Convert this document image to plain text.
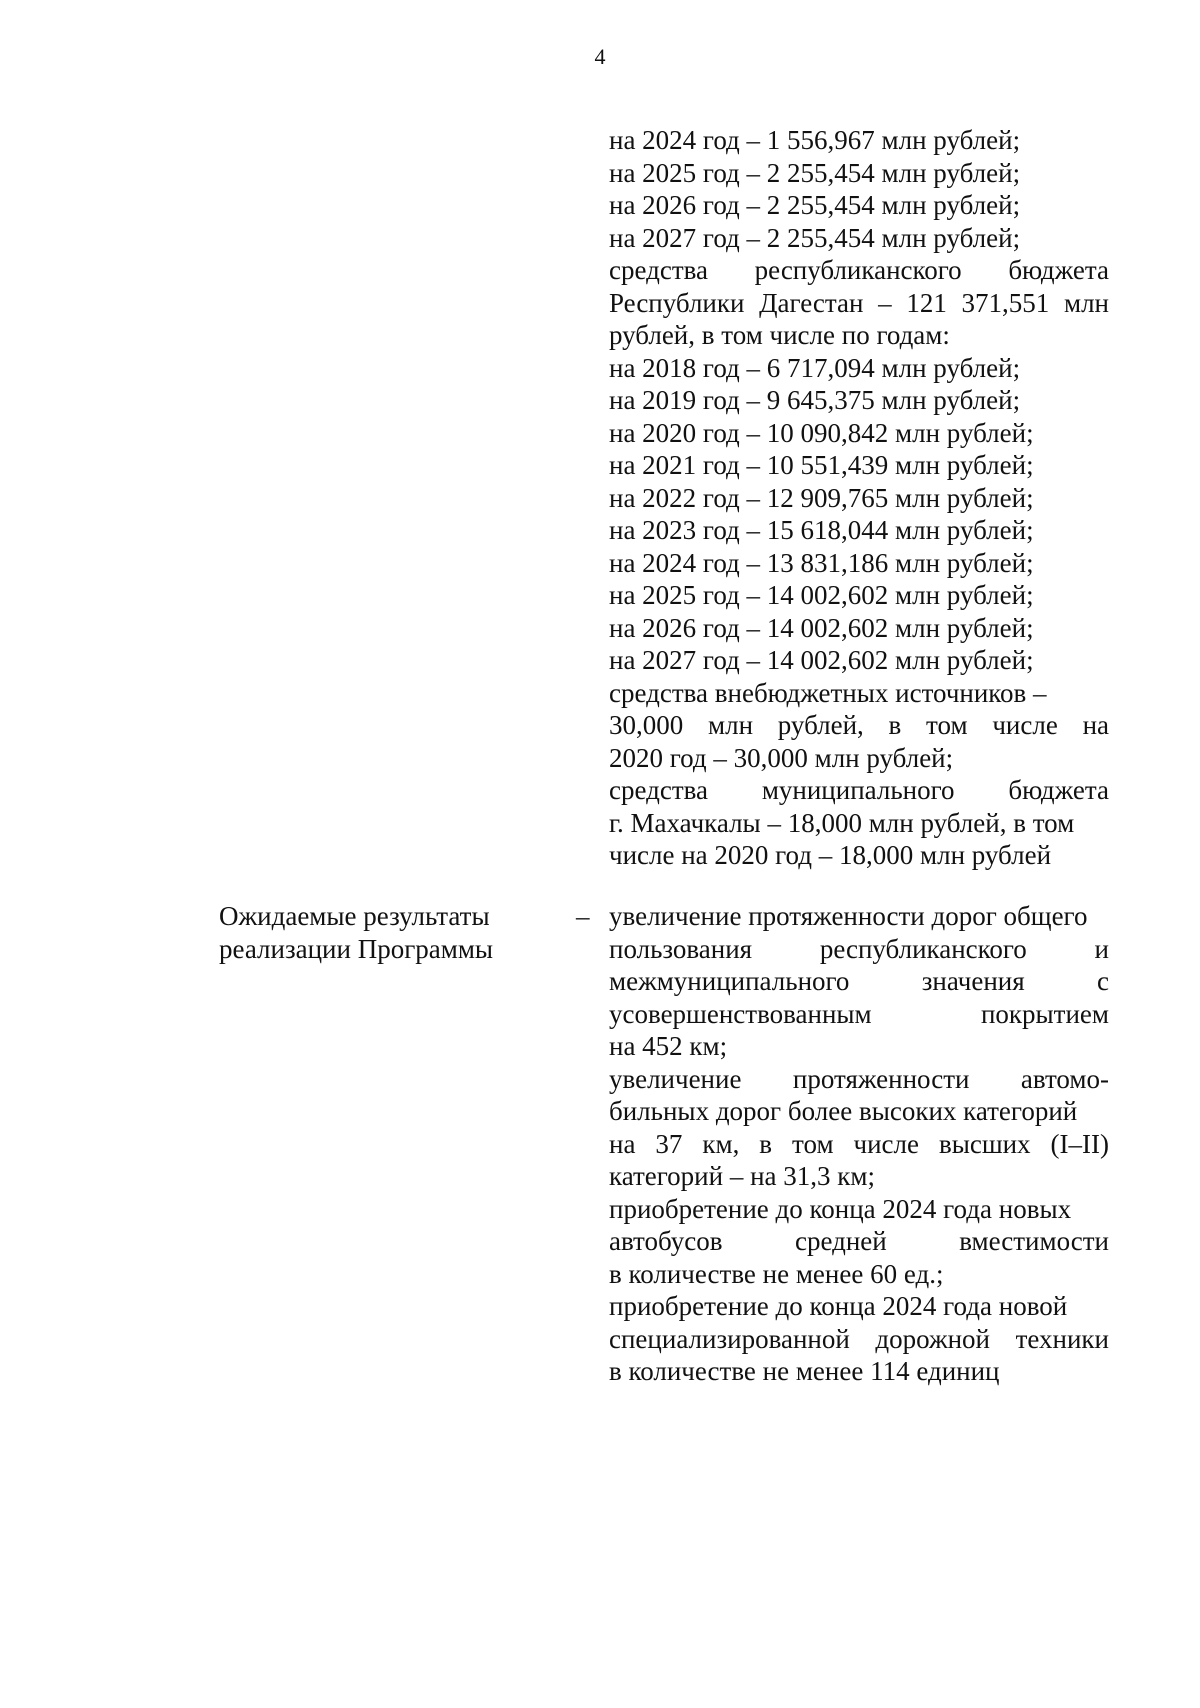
4
на 2024 год – 1 556,967 млн рублей;
на 2025 год – 2 255,454 млн рублей;
на 2026 год – 2 255,454 млн рублей;
на 2027 год – 2 255,454 млн рублей;
средства республиканского бюджета
Республики Дагестан – 121 371,551 млн
рублей, в том числе по годам:
на 2018 год – 6 717,094 млн рублей;
на 2019 год – 9 645,375 млн рублей;
на 2020 год – 10 090,842 млн рублей;
на 2021 год – 10 551,439 млн рублей;
на 2022 год – 12 909,765 млн рублей;
на 2023 год – 15 618,044 млн рублей;
на 2024 год – 13 831,186 млн рублей;
на 2025 год – 14 002,602 млн рублей;
на 2026 год – 14 002,602 млн рублей;
на 2027 год – 14 002,602 млн рублей;
средства внебюджетных источников –
30,000 млн рублей, в том числе на
2020 год – 30,000 млн рублей;
средства муниципального бюджета
г. Махачкалы – 18,000 млн рублей, в том
числе на 2020 год – 18,000 млн рублей
Ожидаемые результаты
реализации Программы
– увеличение протяженности дорог общего
пользования республиканского и
межмуниципального значения с
усовершенствованным покрытием
на 452 км;
увеличение протяженности автомо-
бильных дорог более высоких категорий
на 37 км, в том числе высших (I–II)
категорий – на 31,3 км;
приобретение до конца 2024 года новых
автобусов средней вместимости
в количестве не менее 60 ед.;
приобретение до конца 2024 года новой
специализированной дорожной техники
в количестве не менее 114 единиц
